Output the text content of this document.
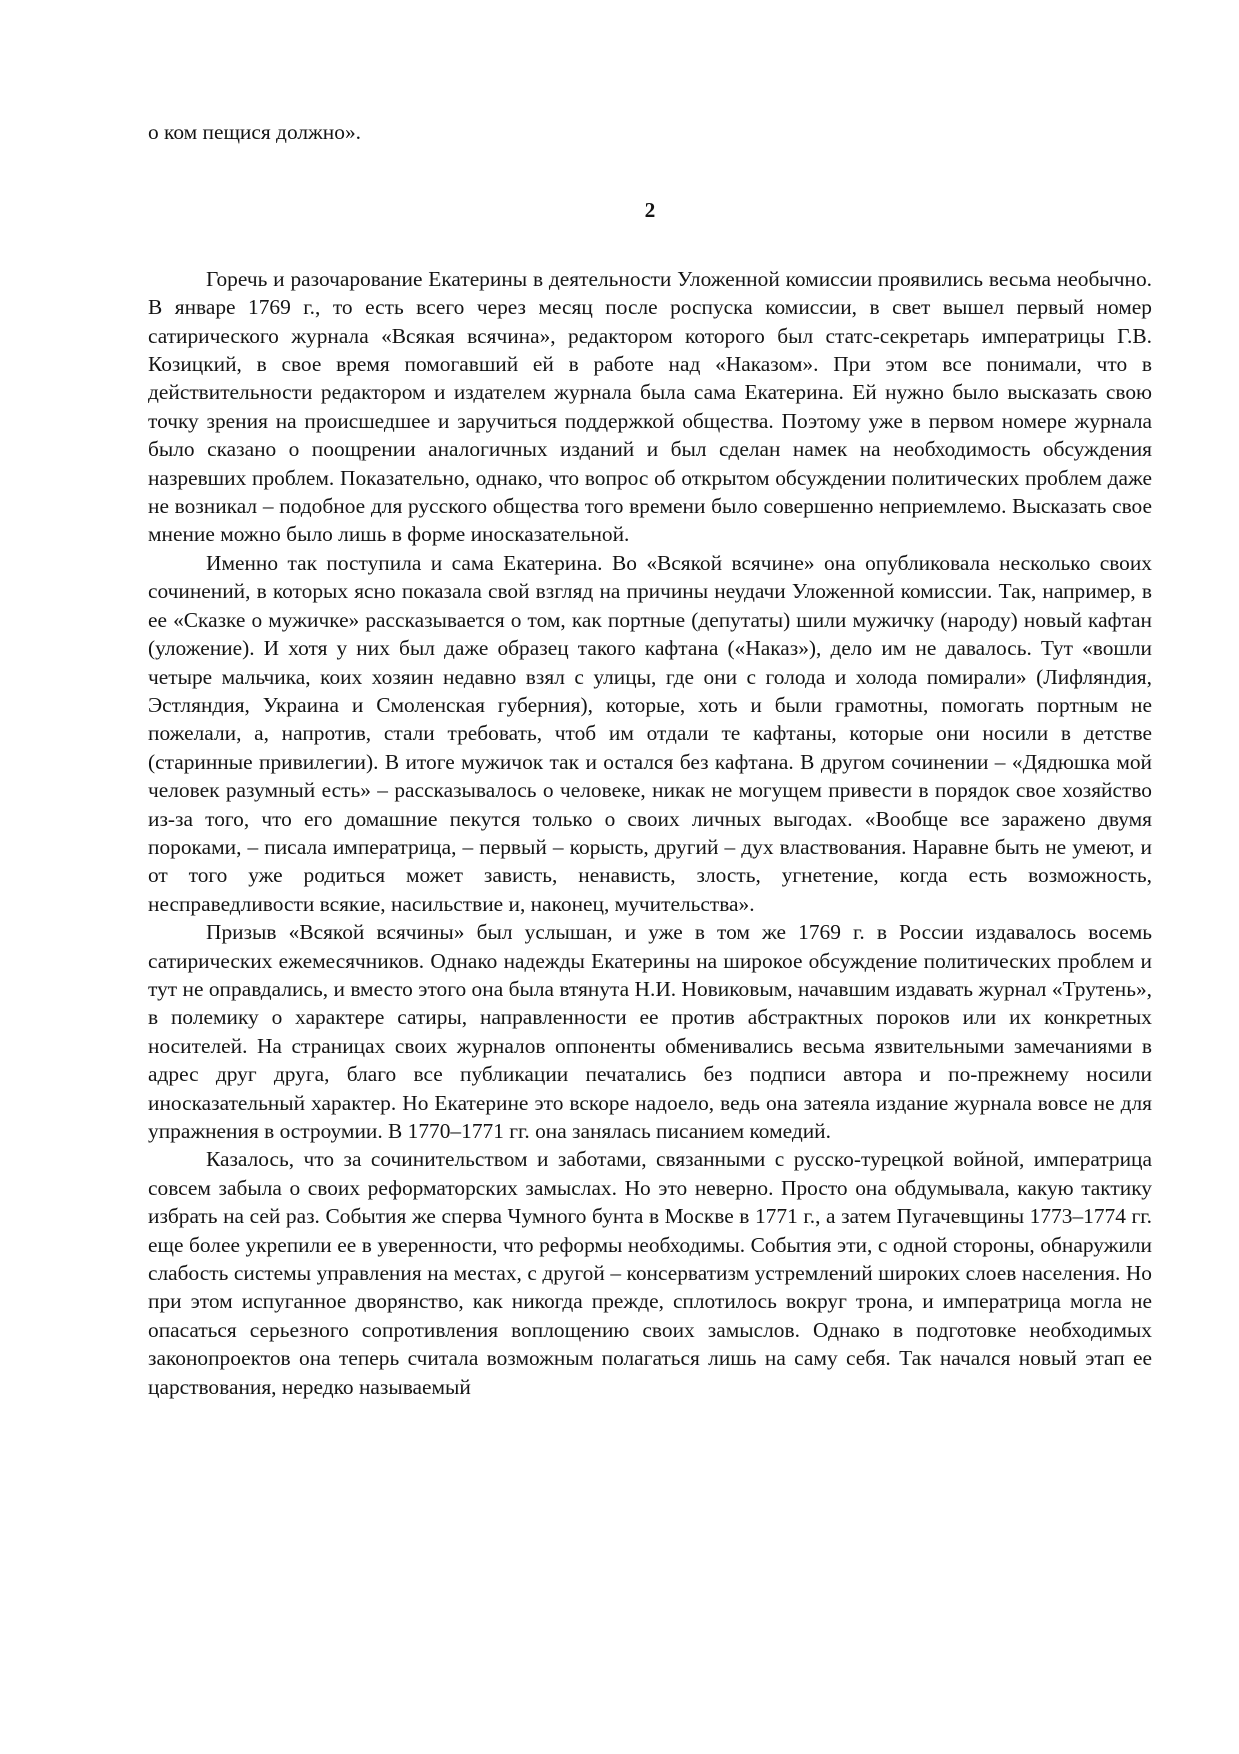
о ком пещися должно».

2

Горечь и разочарование Екатерины в деятельности Уложенной комиссии проявились весьма необычно. В январе 1769 г., то есть всего через месяц после роспуска комиссии, в свет вышел первый номер сатирического журнала «Всякая всячина», редактором которого был статс-секретарь императрицы Г.В. Козицкий, в свое время помогавший ей в работе над «Наказом». При этом все понимали, что в действительности редактором и издателем журнала была сама Екатерина. Ей нужно было высказать свою точку зрения на происшедшее и заручиться поддержкой общества. Поэтому уже в первом номере журнала было сказано о поощрении аналогичных изданий и был сделан намек на необходимость обсуждения назревших проблем. Показательно, однако, что вопрос об открытом обсуждении политических проблем даже не возникал – подобное для русского общества того времени было совершенно неприемлемо. Высказать свое мнение можно было лишь в форме иносказательной.

Именно так поступила и сама Екатерина. Во «Всякой всячине» она опубликовала несколько своих сочинений, в которых ясно показала свой взгляд на причины неудачи Уложенной комиссии. Так, например, в ее «Сказке о мужичке» рассказывается о том, как портные (депутаты) шили мужичку (народу) новый кафтан (уложение). И хотя у них был даже образец такого кафтана («Наказ»), дело им не давалось. Тут «вошли четыре мальчика, коих хозяин недавно взял с улицы, где они с голода и холода помирали» (Лифляндия, Эстляндия, Украина и Смоленская губерния), которые, хоть и были грамотны, помогать портным не пожелали, а, напротив, стали требовать, чтоб им отдали те кафтаны, которые они носили в детстве (старинные привилегии). В итоге мужичок так и остался без кафтана. В другом сочинении – «Дядюшка мой человек разумный есть» – рассказывалось о человеке, никак не могущем привести в порядок свое хозяйство из-за того, что его домашние пекутся только о своих личных выгодах. «Вообще все заражено двумя пороками, – писала императрица, – первый – корысть, другий – дух властвования. Наравне быть не умеют, и от того уже родиться может зависть, ненависть, злость, угнетение, когда есть возможность, несправедливости всякие, насильствие и, наконец, мучительства».

Призыв «Всякой всячины» был услышан, и уже в том же 1769 г. в России издавалось восемь сатирических ежемесячников. Однако надежды Екатерины на широкое обсуждение политических проблем и тут не оправдались, и вместо этого она была втянута Н.И. Новиковым, начавшим издавать журнал «Трутень», в полемику о характере сатиры, направленности ее против абстрактных пороков или их конкретных носителей. На страницах своих журналов оппоненты обменивались весьма язвительными замечаниями в адрес друг друга, благо все публикации печатались без подписи автора и по-прежнему носили иносказательный характер. Но Екатерине это вскоре надоело, ведь она затеяла издание журнала вовсе не для упражнения в остроумии. В 1770–1771 гг. она занялась писанием комедий.

Казалось, что за сочинительством и заботами, связанными с русско-турецкой войной, императрица совсем забыла о своих реформаторских замыслах. Но это неверно. Просто она обдумывала, какую тактику избрать на сей раз. События же сперва Чумного бунта в Москве в 1771 г., а затем Пугачевщины 1773–1774 гг. еще более укрепили ее в уверенности, что реформы необходимы. События эти, с одной стороны, обнаружили слабость системы управления на местах, с другой – консерватизм устремлений широких слоев населения. Но при этом испуганное дворянство, как никогда прежде, сплотилось вокруг трона, и императрица могла не опасаться серьезного сопротивления воплощению своих замыслов. Однако в подготовке необходимых законопроектов она теперь считала возможным полагаться лишь на саму себя. Так начался новый этап ее царствования, нередко называемый
